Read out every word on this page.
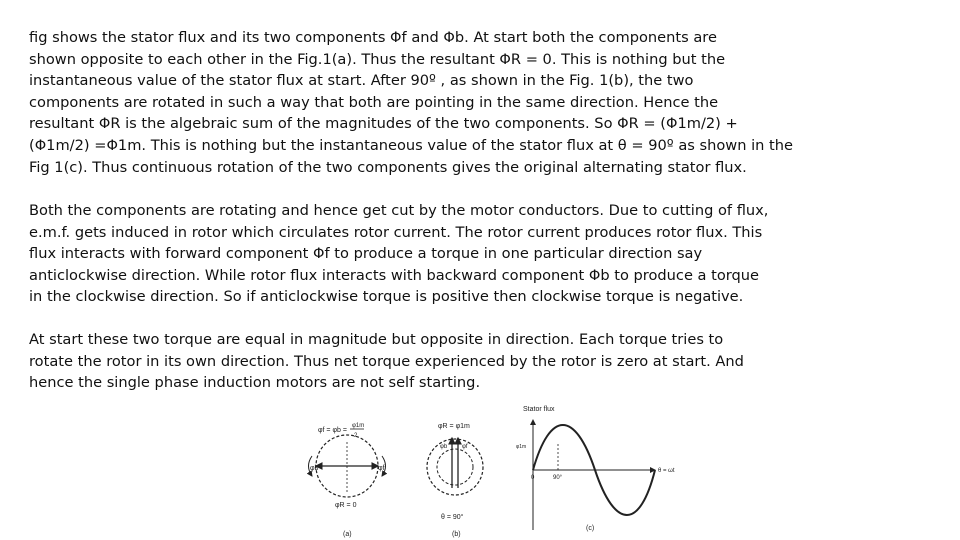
fig shows the stator flux and its two components Φf and Φb. At start both the components are
shown opposite to each other in the Fig.1(a). Thus the resultant ΦR = 0. This is nothing but the
instantaneous value of the stator flux at start. After 90º , as shown in the Fig. 1(b), the two
components are rotated in such a way that both are pointing in the same direction. Hence the
resultant ΦR is the algebraic sum of the magnitudes of the two components. So ΦR = (Φ1m/2) +
(Φ1m/2) =Φ1m. This is nothing but the instantaneous value of the stator flux at θ = 90º as shown in the
Fig 1(c). Thus continuous rotation of the two components gives the original alternating stator flux.

Both the components are rotating and hence get cut by the motor conductors. Due to cutting of flux,
e.m.f. gets induced in rotor which circulates rotor current. The rotor current produces rotor flux. This
flux interacts with forward component Φf to produce a torque in one particular direction say
anticlockwise direction. While rotor flux interacts with backward component Φb to produce a torque
in the clockwise direction. So if anticlockwise torque is positive then clockwise torque is negative.

At start these two torque are equal in magnitude but opposite in direction. Each torque tries to
rotate the rotor in its own direction. Thus net torque experienced by the rotor is zero at start. And
hence the single phase induction motors are not self starting.

φf = φb =
φ1m
2
φb	φf
φR = 0
(a)
φR = φ1m
φb φf
θ = 90°
(b)
Stator flux
φ1m
0	90°
θ = ωt
(c)
